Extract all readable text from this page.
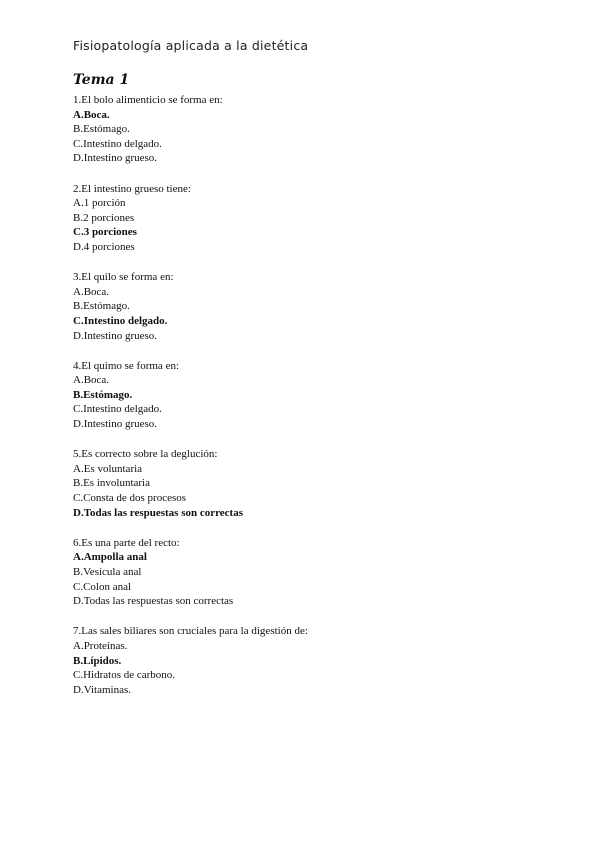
Fisiopatología aplicada a la dietética
Tema 1
1.El bolo alimenticio se forma en:
A.Boca.
B.Estómago.
C.Intestino delgado.
D.Intestino grueso.
2.El intestino grueso tiene:
A.1 porción
B.2 porciones
C.3 porciones
D.4 porciones
3.El quilo se forma en:
A.Boca.
B.Estómago.
C.Intestino delgado.
D.Intestino grueso.
4.El quimo se forma en:
A.Boca.
B.Estómago.
C.Intestino delgado.
D.Intestino grueso.
5.Es correcto sobre la deglución:
A.Es voluntaria
B.Es involuntaria
C.Consta de dos procesos
D.Todas las respuestas son correctas
6.Es una parte del recto:
A.Ampolla anal
B.Vesícula anal
C.Colon anal
D.Todas las respuestas son correctas
7.Las sales biliares son cruciales para la digestión de:
A.Proteínas.
B.Lípidos.
C.Hidratos de carbono.
D.Vitaminas.
